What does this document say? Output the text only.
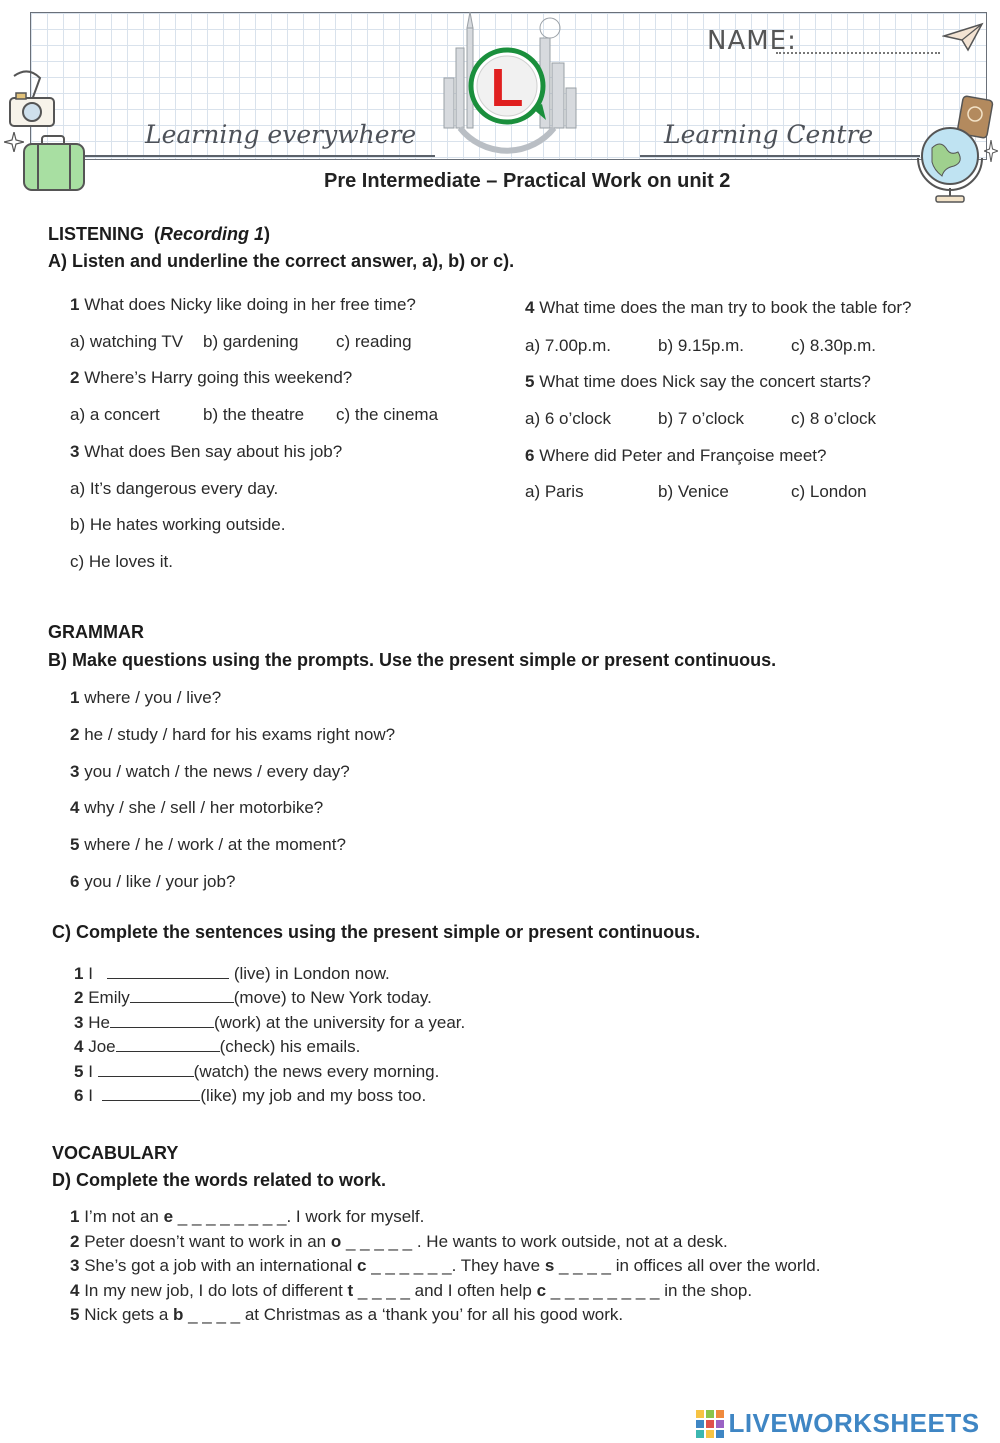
L
Learning everywhere	Learning Centre
NAME:
Pre Intermediate – Practical Work on unit 2
LISTENING  (Recording 1)
A) Listen and underline the correct answer, a), b) or c).
1 What does Nicky like doing in her free time?
a) watching TV b) gardening c) reading
2 Where’s Harry going this weekend?
a) a concert	b) the theatre c) the cinema
3 What does Ben say about his job?
a) It’s dangerous every day.
b) He hates working outside.
c) He loves it.
4 What time does the man try to book the table for?
a) 7.00p.m.	b) 9.15p.m.	c) 8.30p.m.
5 What time does Nick say the concert starts?
a) 6 o’clock	b) 7 o’clock	c) 8 o’clock
6 Where did Peter and Françoise meet?
a) Paris	b) Venice	c) London
GRAMMAR
B) Make questions using the prompts. Use the present simple or present continuous.
1 where / you / live?
2 he / study / hard for his exams right now?
3 you / watch / the news / every day?
4 why / she / sell / her motorbike?
5 where / he / work / at the moment?
6 you / like / your job?
C) Complete the sentences using the present simple or present continuous.
1 I	(live) in London now.
2 Emily	(move) to New York today.
3 He	(work) at the university for a year.
4 Joe	(check) his emails.
5 I	(watch) the news every morning.
6 I	(like) my job and my boss too.
VOCABULARY
D) Complete the words related to work.
1 I’m not an e _ _ _ _ _ _ _ _. I work for myself.
2 Peter doesn’t want to work in an o _ _ _ _ _ . He wants to work outside, not at a desk.
3 She’s got a job with an international c _ _ _ _ _ _. They have s _ _ _ _ in offices all over the world.
4 In my new job, I do lots of different t _ _ _ _ and I often help c _ _ _ _ _ _ _ _ in the shop.
5 Nick gets a b _ _ _ _ at Christmas as a ‘thank you’ for all his good work.
LIVEWORKSHEETS
